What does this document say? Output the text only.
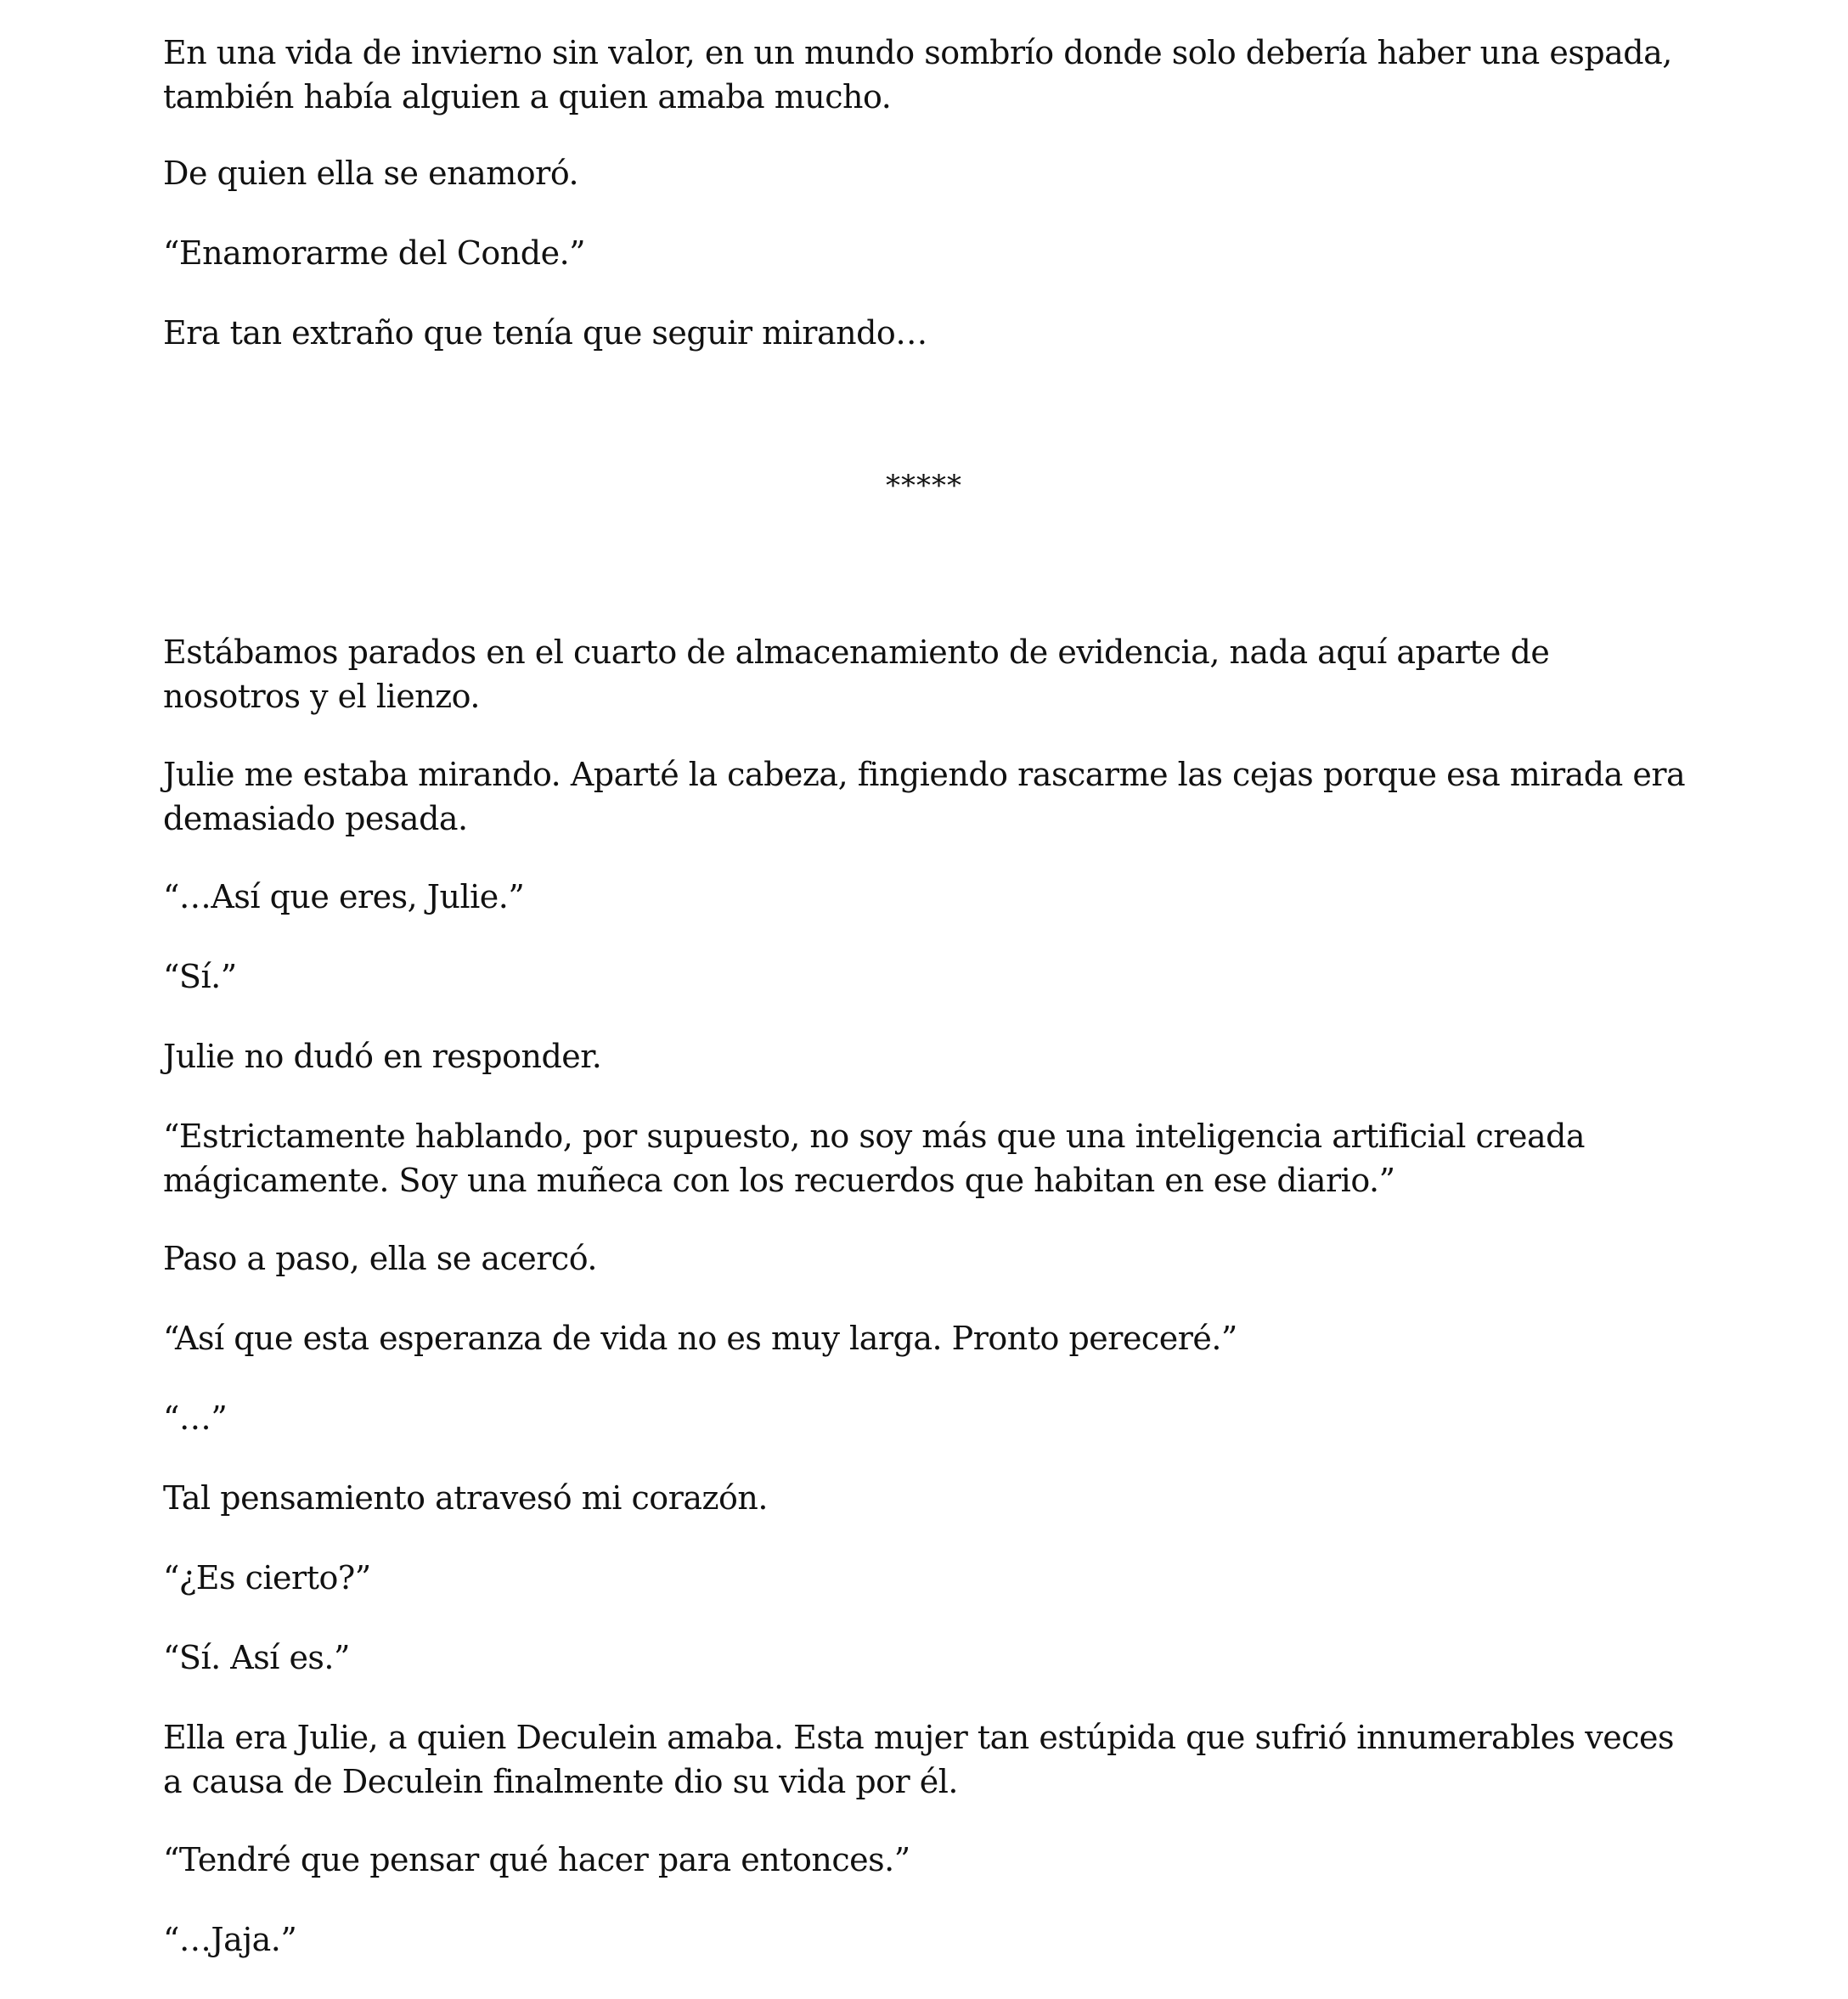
En una vida de invierno sin valor, en un mundo sombrío donde solo debería haber una espada, también había alguien a quien amaba mucho.

De quien ella se enamoró.

“Enamorarme del Conde.”

Era tan extraño que tenía que seguir mirando…

*****

Estábamos parados en el cuarto de almacenamiento de evidencia, nada aquí aparte de nosotros y el lienzo.

Julie me estaba mirando. Aparté la cabeza, fingiendo rascarme las cejas porque esa mirada era demasiado pesada.

“…Así que eres, Julie.”

“Sí.”

Julie no dudó en responder.

“Estrictamente hablando, por supuesto, no soy más que una inteligencia artificial creada mágicamente. Soy una muñeca con los recuerdos que habitan en ese diario.”

Paso a paso, ella se acercó.

“Así que esta esperanza de vida no es muy larga. Pronto pereceré.”

“…”

Tal pensamiento atravesó mi corazón.

“¿Es cierto?”

“Sí. Así es.”

Ella era Julie, a quien Deculein amaba. Esta mujer tan estúpida que sufrió innumerables veces a causa de Deculein finalmente dio su vida por él.

“Tendré que pensar qué hacer para entonces.”

“…Jaja.”
